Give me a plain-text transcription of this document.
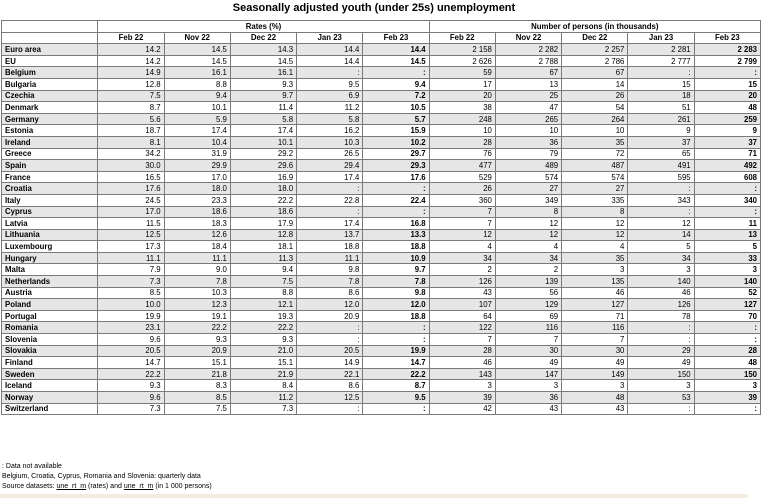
Seasonally adjusted youth (under 25s) unemployment
	Rates (%)					Number of persons (in thousands)				
	Feb 22	Nov 22	Dec 22	Jan 23	Feb 23	Feb 22	Nov 22	Dec 22	Jan 23	Feb 23
Euro area	14.2	14.5	14.3	14.4	14.4	2 158	2 282	2 257	2 281	2 283
EU	14.2	14.5	14.5	14.4	14.5	2 626	2 788	2 786	2 777	2 799
Belgium	14.9	16.1	16.1	:	:	59	67	67	:	:
Bulgaria	12.8	8.8	9.3	9.5	9.4	17	13	14	15	15
Czechia	7.5	9.4	9.7	6.9	7.2	20	25	26	18	20
Denmark	8.7	10.1	11.4	11.2	10.5	38	47	54	51	48
Germany	5.6	5.9	5.8	5.8	5.7	248	265	264	261	259
Estonia	18.7	17.4	17.4	16.2	15.9	10	10	10	9	9
Ireland	8.1	10.4	10.1	10.3	10.2	28	36	35	37	37
Greece	34.2	31.9	29.2	26.5	29.7	76	79	72	65	71
Spain	30.0	29.9	29.6	29.4	29.3	477	489	487	491	492
France	16.5	17.0	16.9	17.4	17.6	529	574	574	595	608
Croatia	17.6	18.0	18.0	:	:	26	27	27	:	:
Italy	24.5	23.3	22.2	22.8	22.4	360	349	335	343	340
Cyprus	17.0	18.6	18.6	:	:	7	8	8	:	:
Latvia	11.5	18.3	17.9	17.4	16.8	7	12	12	12	11
Lithuania	12.5	12.6	12.8	13.7	13.3	12	12	12	14	13
Luxembourg	17.3	18.4	18.1	18.8	18.8	4	4	4	5	5
Hungary	11.1	11.1	11.3	11.1	10.9	34	34	35	34	33
Malta	7.9	9.0	9.4	9.8	9.7	2	2	3	3	3
Netherlands	7.3	7.8	7.5	7.8	7.8	126	139	135	140	140
Austria	8.5	10.3	8.8	8.6	9.8	43	56	46	46	52
Poland	10.0	12.3	12.1	12.0	12.0	107	129	127	126	127
Portugal	19.9	19.1	19.3	20.9	18.8	64	69	71	78	70
Romania	23.1	22.2	22.2	:	:	122	116	116	:	:
Slovenia	9.6	9.3	9.3	:	:	7	7	7	:	:
Slovakia	20.5	20.9	21.0	20.5	19.9	28	30	30	29	28
Finland	14.7	15.1	15.1	14.9	14.7	46	49	49	49	48
Sweden	22.2	21.8	21.9	22.1	22.2	143	147	149	150	150
Iceland	9.3	8.3	8.4	8.6	8.7	3	3	3	3	3
Norway	9.6	8.5	11.2	12.5	9.5	39	36	48	53	39
Switzerland	7.3	7.5	7.3	:	:	42	43	43	:	:
: Data not available
Belgium, Croatia, Cyprus, Romania and Slovenia: quarterly data
Source datasets: une_rt_m (rates) and une_rt_m (in 1 000 persons)
